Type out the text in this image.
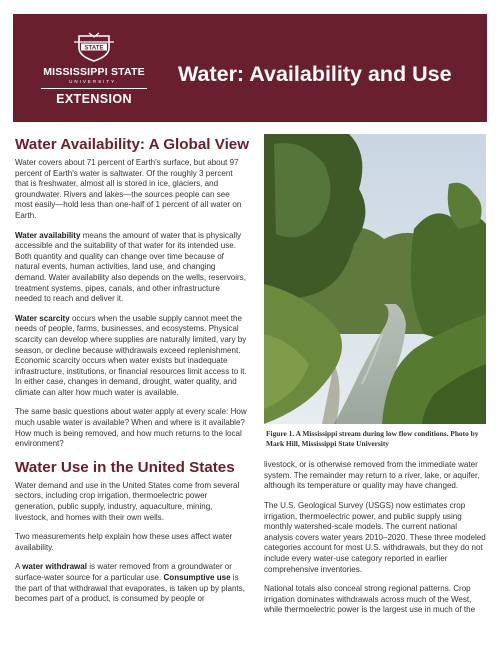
STATE
MISSISSIPPI STATE
UNIVERSITY.
EXTENSION
Water: Availability and Use
Water Availability: A Global View

Water covers about 71 percent of Earth's surface, but about 97 percent of Earth's water is saltwater. Of the roughly 3 percent that is freshwater, almost all is stored in ice, glaciers, and groundwater. Rivers and lakes—the sources people can see most easily—hold less than one-half of 1 percent of all water on Earth.

Water availability means the amount of water that is physically accessible and the suitability of that water for its intended use. Both quantity and quality can change over time because of natural events, human activities, land use, and changing demand. Water availability also depends on the wells, reservoirs, treatment systems, pipes, canals, and other infrastructure needed to reach and deliver it.

Water scarcity occurs when the usable supply cannot meet the needs of people, farms, businesses, and ecosystems. Physical scarcity can develop where supplies are naturally limited, vary by season, or decline because withdrawals exceed replenishment. Economic scarcity occurs when water exists but inadequate infrastructure, institutions, or financial resources limit access to it. In either case, changes in demand, drought, water quality, and climate can alter how much water is available.

The same basic questions about water apply at every scale: How much usable water is available? When and where is it available? How much is being removed, and how much returns to the local environment?

Water Use in the United States

Water demand and use in the United States come from several sectors, including crop irrigation, thermoelectric power generation, public supply, industry, aquaculture, mining, livestock, and homes with their own wells.

Two measurements help explain how these uses affect water availability.

A water withdrawal is water removed from a groundwater or surface-water source for a particular use. Consumptive use is the part of that withdrawal that evaporates, is taken up by plants, becomes part of a product, is consumed by people or

Figure 1. A Mississippi stream during low flow conditions. Photo by Mark Hill, Mississippi State University

livestock, or is otherwise removed from the immediate water system. The remainder may return to a river, lake, or aquifer, although its temperature or quality may have changed.

The U.S. Geological Survey (USGS) now estimates crop irrigation, thermoelectric power, and public supply using monthly watershed-scale models. The current national analysis covers water years 2010–2020. These three modeled categories account for most U.S. withdrawals, but they do not include every water-use category reported in earlier comprehensive inventories.

National totals also conceal strong regional patterns. Crop irrigation dominates withdrawals across much of the West, while thermoelectric power is the largest use in much of the
